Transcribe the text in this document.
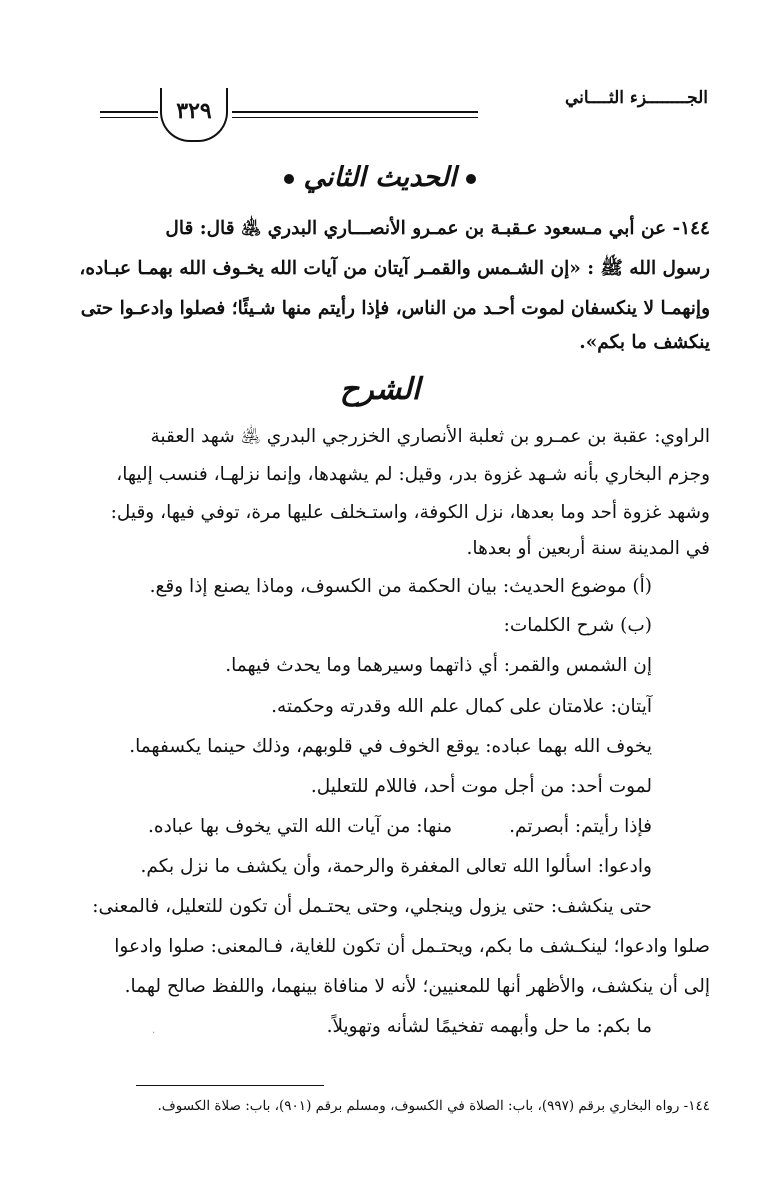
الجــــــــزء الثــــاني
٣٢٩
الحديث الثاني
١٤٤- عن أبي مـسعود عـقبـة بن عمـرو الأنصـــاري البدري ﵁ قال: قال
رسول الله ﷺ : «إن الشـمس والقمـر آيتان من آيات الله يخـوف الله بهمـا عبـاده،
وإنهمـا لا ينكسفان لموت أحـد من الناس، فإذا رأيتم منها شـيئًا؛ فصلوا وادعـوا حتى
ينكشف ما بكم».
الشرح
الراوي: عقبة بن عمـرو بن ثعلبة الأنصاري الخزرجي البدري ﵁ شهد العقبة
وجزم البخاري بأنه شـهد غزوة بدر، وقيل: لم يشهدها، وإنما نزلهـا، فنسب إليها،
وشهد غزوة أحد وما بعدها، نزل الكوفة، واستـخلف عليها مرة، توفي فيها، وقيل:
في المدينة سنة أربعين أو بعدها.
(أ) موضوع الحديث: بيان الحكمة من الكسوف، وماذا يصنع إذا وقع.
(ب) شرح الكلمات:
إن الشمس والقمر: أي ذاتهما وسيرهما وما يحدث فيهما.
آيتان: علامتان على كمال علم الله وقدرته وحكمته.
يخوف الله بهما عباده: يوقع الخوف في قلوبهم، وذلك حينما يكسفهما.
لموت أحد: من أجل موت أحد، فاللام للتعليل.
فإذا رأيتم: أبصرتم.
منها: من آيات الله التي يخوف بها عباده.
وادعوا: اسألوا الله تعالى المغفرة والرحمة، وأن يكشف ما نزل بكم.
حتى ينكشف: حتى يزول وينجلي، وحتى يحتـمل أن تكون للتعليل، فالمعنى:
صلوا وادعوا؛ لينكـشف ما بكم، ويحتـمل أن تكون للغاية، فـالمعنى: صلوا وادعوا
إلى أن ينكشف، والأظهر أنها للمعنيين؛ لأنه لا منافاة بينهما، واللفظ صالح لهما.
ما بكم: ما حل وأبهمه تفخيمًا لشأنه وتهويلاً.
·
١٤٤- رواه البخاري برقم (٩٩٧)، باب: الصلاة في الكسوف، ومسلم برقم (٩٠١)، باب: صلاة الكسوف.
